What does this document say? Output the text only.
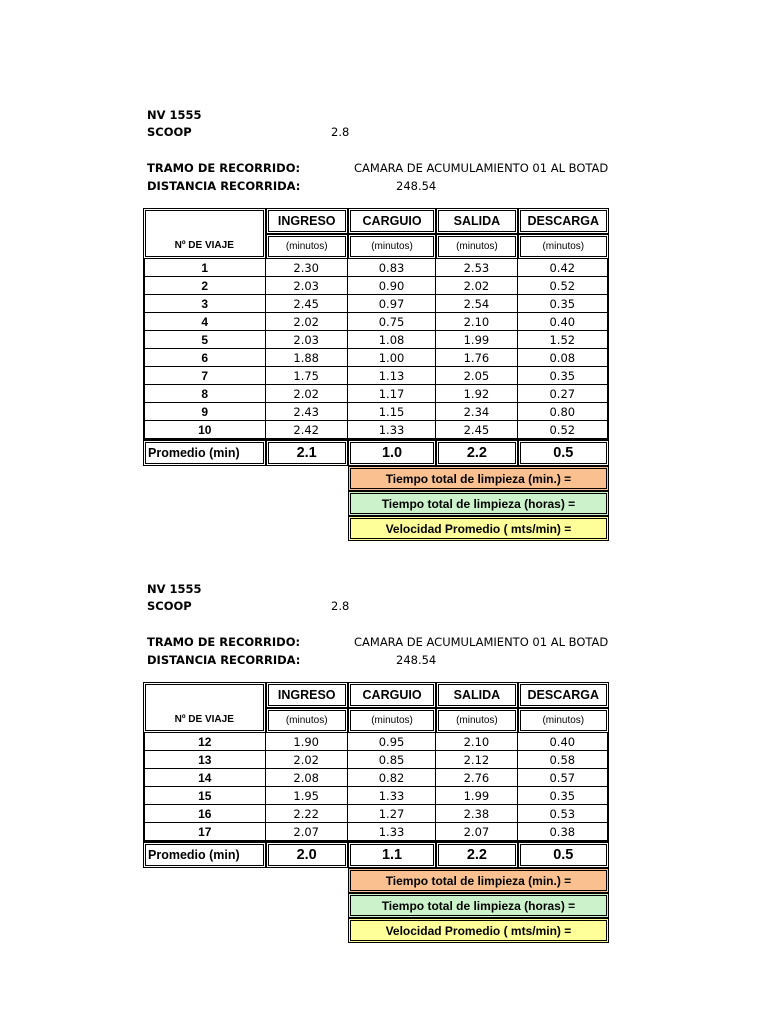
NV 1555
SCOOP	2.8
TRAMO DE RECORRIDO:	CAMARA DE ACUMULAMIENTO 01 AL BOTAD
DISTANCIA RECORRIDA:	248.54
	INGRESO	CARGUIO	SALIDA	DESCARGA
Nº DE VIAJE	(minutos)	(minutos)	(minutos)	(minutos)
1	2.30	0.83	2.53	0.42
2	2.03	0.90	2.02	0.52
3	2.45	0.97	2.54	0.35
4	2.02	0.75	2.10	0.40
5	2.03	1.08	1.99	1.52
6	1.88	1.00	1.76	0.08
7	1.75	1.13	2.05	0.35
8	2.02	1.17	1.92	0.27
9	2.43	1.15	2.34	0.80
10	2.42	1.33	2.45	0.52
Promedio (min)	2.1	1.0	2.2	0.5
		Tiempo total de limpieza (min.) =		
		Tiempo total de limpieza (horas) =		
		Velocidad Promedio ( mts/min) =		
NV 1555
SCOOP	2.8
TRAMO DE RECORRIDO:	CAMARA DE ACUMULAMIENTO 01 AL BOTAD
DISTANCIA RECORRIDA:	248.54
	INGRESO	CARGUIO	SALIDA	DESCARGA
Nº DE VIAJE	(minutos)	(minutos)	(minutos)	(minutos)
12	1.90	0.95	2.10	0.40
13	2.02	0.85	2.12	0.58
14	2.08	0.82	2.76	0.57
15	1.95	1.33	1.99	0.35
16	2.22	1.27	2.38	0.53
17	2.07	1.33	2.07	0.38
Promedio (min)	2.0	1.1	2.2	0.5
		Tiempo total de limpieza (min.) =		
		Tiempo total de limpieza (horas) =		
		Velocidad Promedio ( mts/min) =		
